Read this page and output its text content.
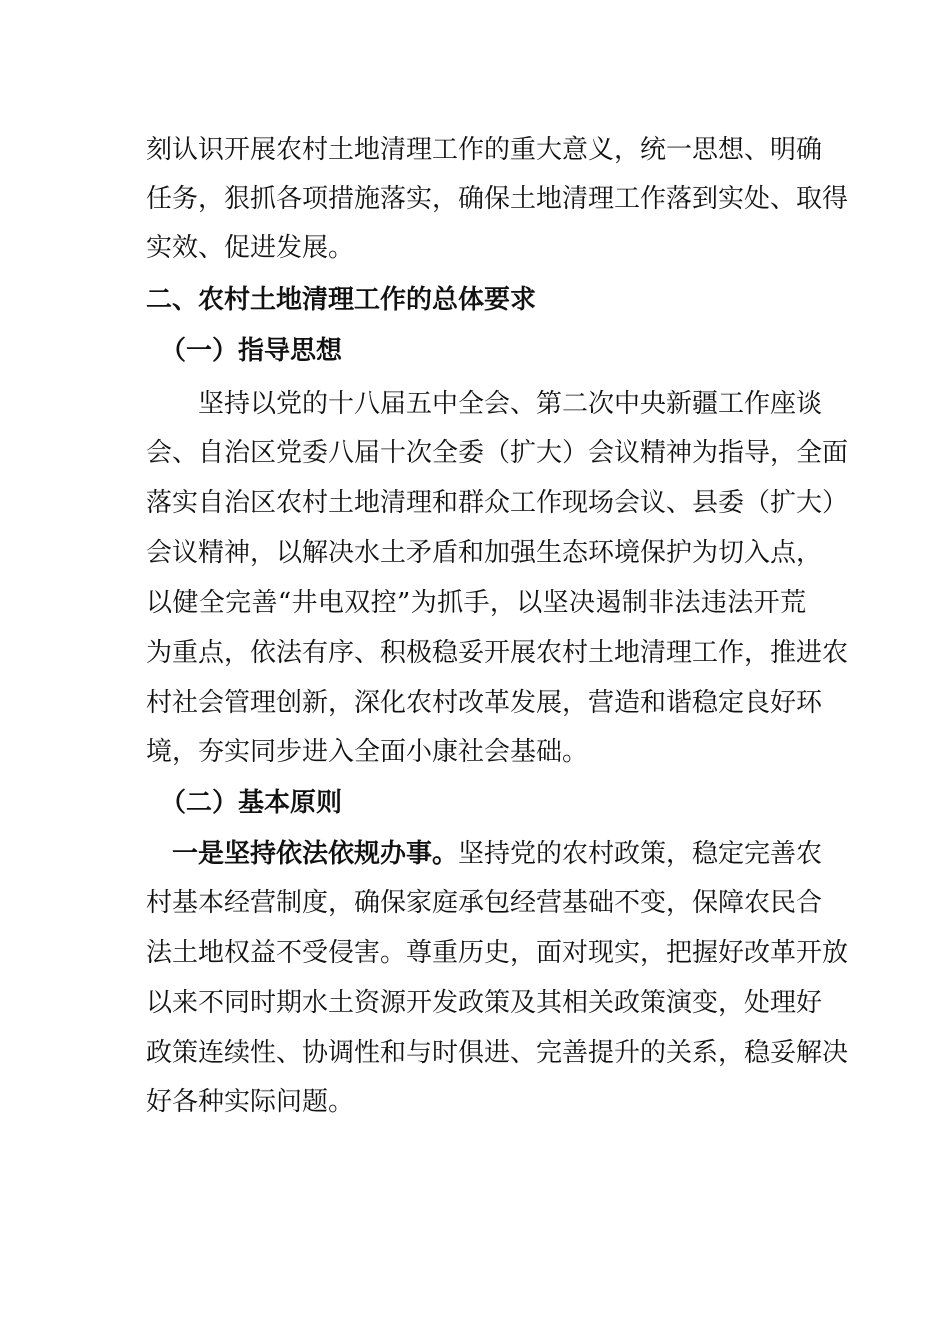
刻认识开展农村土地清理工作的重大意义，统一思想、明确
任务，狠抓各项措施落实，确保土地清理工作落到实处、取得
实效、促进发展。
二、农村土地清理工作的总体要求
（一）指导思想
坚持以党的十八届五中全会、第二次中央新疆工作座谈
会、自治区党委八届十次全委（扩大）会议精神为指导，全面
落实自治区农村土地清理和群众工作现场会议、县委（扩大）
会议精神，以解决水土矛盾和加强生态环境保护为切入点，
以健全完善“井电双控”为抓手，以坚决遏制非法违法开荒
为重点，依法有序、积极稳妥开展农村土地清理工作，推进农
村社会管理创新，深化农村改革发展，营造和谐稳定良好环
境，夯实同步进入全面小康社会基础。
（二）基本原则
一是坚持依法依规办事。坚持党的农村政策，稳定完善农
村基本经营制度，确保家庭承包经营基础不变，保障农民合
法土地权益不受侵害。尊重历史，面对现实，把握好改革开放
以来不同时期水土资源开发政策及其相关政策演变，处理好
政策连续性、协调性和与时俱进、完善提升的关系，稳妥解决
好各种实际问题。
